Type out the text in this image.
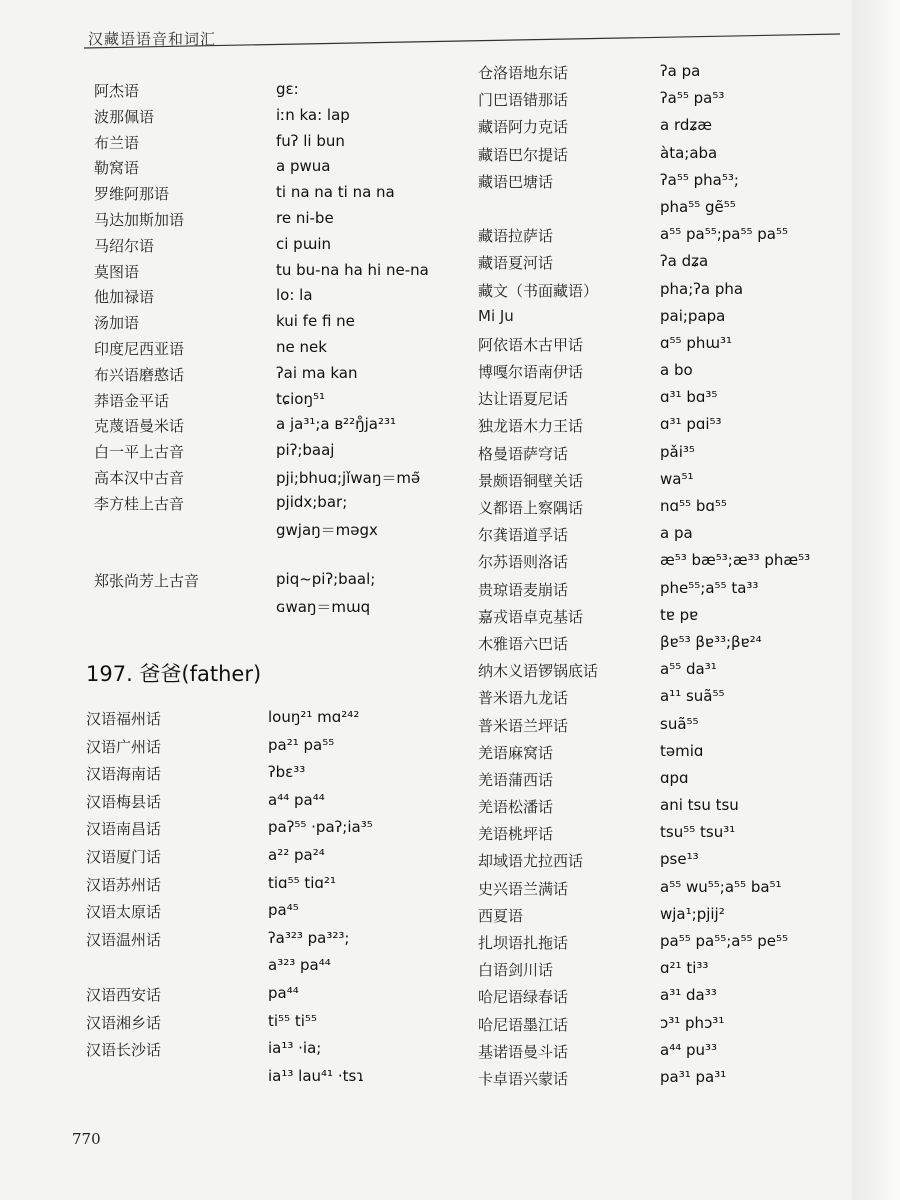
汉藏语语音和词汇
阿杰语	gɛ:
波那佩语	iːn ka: lap
布兰语	fuʔ li bun
勒窝语	a pwua
罗维阿那语	ti na na ti na na
马达加斯加语	re ni-be
马绍尔语	ci pɯin
莫图语	tu bu-na ha hi ne-na
他加禄语	lo: la
汤加语	kui fe fi ne
印度尼西亚语	ne nek
布兴语磨憨话	ʔai ma kan
莽语金平话	tɕioŋ⁵¹
克蔑语曼米话	a ja³¹;a ʙ²²ŋ̊ja²³¹
白一平上古音	piʔ;baaj
高本汉中古音	pji;bhuɑ;jǐwaŋ＝mǝ̃
李方桂上古音	pjidx;bar;
gwjaŋ＝mǝgx
郑张尚芳上古音	piq~piʔ;baal;
ɢwaŋ＝mɯq
197. 爸爸(father)
汉语福州话	louŋ²¹ mɑ²⁴²
汉语广州话	pa²¹ pa⁵⁵
汉语海南话	ʔbɛ³³
汉语梅县话	a⁴⁴ pa⁴⁴
汉语南昌话	paʔ⁵⁵ ·paʔ;ia³⁵
汉语厦门话	a²² pa²⁴
汉语苏州话	tiɑ⁵⁵ tiɑ²¹
汉语太原话	pa⁴⁵
汉语温州话	ʔa³²³ pa³²³;
a³²³ pa⁴⁴
汉语西安话	pa⁴⁴
汉语湘乡话	ti⁵⁵ ti⁵⁵
汉语长沙话	ia¹³ ·ia;
ia¹³ lau⁴¹ ·tsɿ
仓洛语地东话	ʔa pa
门巴语错那话	ʔa⁵⁵ pa⁵³
藏语阿力克话	a rdʑæ
藏语巴尔提话	àta;aba
藏语巴塘话	ʔa⁵⁵ pha⁵³;
pha⁵⁵ gẽ⁵⁵
藏语拉萨话	a⁵⁵ pa⁵⁵;pa⁵⁵ pa⁵⁵
藏语夏河话	ʔa dʑa
藏文（书面藏语）	pha;ʔa pha
Mi Ju	pai;papa
阿依语木古甲话	ɑ⁵⁵ phɯ³¹
博嘎尔语南伊话	a bo
达让语夏尼话	ɑ³¹ bɑ³⁵
独龙语木力王话	ɑ³¹ pɑi⁵³
格曼语萨穹话	pǎi³⁵
景颇语铜壁关话	wa⁵¹
义都语上察隅话	nɑ⁵⁵ bɑ⁵⁵
尔龚语道孚话	a pa
尔苏语则洛话	æ⁵³ bæ⁵³;æ³³ phæ⁵³
贵琼语麦崩话	phe⁵⁵;a⁵⁵ ta³³
嘉戎语卓克基话	tɐ pɐ
木雅语六巴话	βɐ⁵³ βɐ³³;βɐ²⁴
纳木义语锣锅底话	a⁵⁵ da³¹
普米语九龙话	a¹¹ suã⁵⁵
普米语兰坪话	suã⁵⁵
羌语麻窝话	tǝmiɑ
羌语蒲西话	ɑpɑ
羌语松潘话	ani tsu tsu
羌语桃坪话	tsu⁵⁵ tsu³¹
却域语尤拉西话	pse¹³
史兴语兰满话	a⁵⁵ wu⁵⁵;a⁵⁵ ba⁵¹
西夏语	wja¹;pjij²
扎坝语扎拖话	pa⁵⁵ pa⁵⁵;a⁵⁵ pe⁵⁵
白语剑川话	ɑ²¹ ti³³
哈尼语绿春话	a³¹ da³³
哈尼语墨江话	ɔ³¹ phɔ³¹
基诺语曼斗话	a⁴⁴ pu³³
卡卓语兴蒙话	pa³¹ pa³¹
770
